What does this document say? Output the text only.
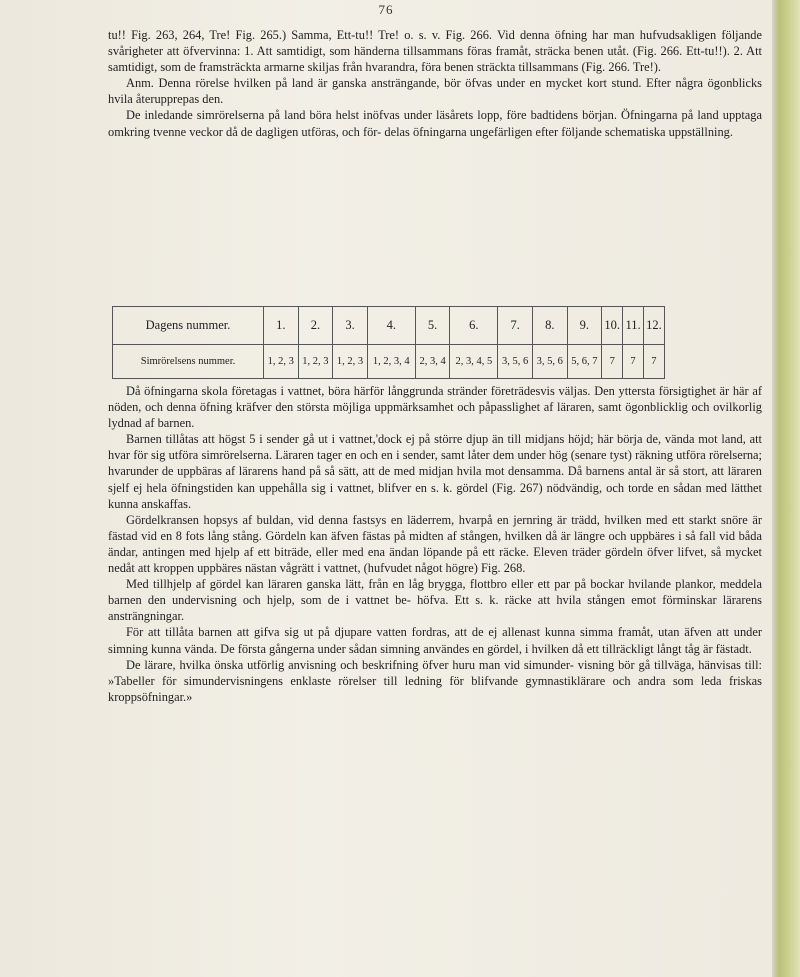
76

tu!! Fig. 263, 264, Tre! Fig. 265.) Samma, Ett-tu!! Tre! o. s. v. Fig. 266. Vid denna öfning har man hufvudsakligen följande svårigheter att öfvervinna: 1. Att samtidigt, som händerna tillsammans föras framåt, sträcka benen utåt. (Fig. 266. Ett-tu!!). 2. Att samtidigt, som de framsträckta armarne skiljas från hvarandra, föra benen sträckta tillsammans (Fig. 266. Tre!).

Anm. Denna rörelse hvilken på land är ganska ansträngande, bör öfvas under en mycket kort stund. Efter några ögonblicks hvila återupprepas den.

De inledande simrörelserna på land böra helst inöfvas under läsårets lopp, före badtidens början. Öfningarna på land upptaga omkring tvenne veckor då de dagligen utföras, och för- delas öfningarna ungefärligen efter följande schematiska uppställning.

Dagens nummer.	1.	2.	3.	4.	5.	6.	7.	8.	9.	10.	11.	12.
Simrörelsens nummer.	1, 2, 3	1, 2, 3	1, 2, 3	1, 2, 3, 4	2, 3, 4	2, 3, 4, 5	3, 5, 6	3, 5, 6	5, 6, 7	7	7	7

Då öfningarna skola företagas i vattnet, böra härför långgrunda stränder företrädesvis väljas. Den yttersta försigtighet är här af nöden, och denna öfning kräfver den största möjliga uppmärksamhet och påpasslighet af läraren, samt ögonblicklig och ovilkorlig lydnad af barnen.

Barnen tillåtas att högst 5 i sender gå ut i vattnet,'dock ej på större djup än till midjans höjd; här börja de, vända mot land, att hvar för sig utföra simrörelserna. Läraren tager en och en i sender, samt låter dem under hög (senare tyst) räkning utföra rörelserna; hvarunder de uppbäras af lärarens hand på så sätt, att de med midjan hvila mot densamma. Då barnens antal är så stort, att läraren sjelf ej hela öfningstiden kan uppehålla sig i vattnet, blifver en s. k. gördel (Fig. 267) nödvändig, och torde en sådan med lätthet kunna anskaffas.

Gördelkransen hopsys af buldan, vid denna fastsys en läderrem, hvarpå en jernring är trädd, hvilken med ett starkt snöre är fästad vid en 8 fots lång stång. Gördeln kan äfven fästas på midten af stången, hvilken då är längre och uppbäres i så fall vid båda ändar, antingen med hjelp af ett biträde, eller med ena ändan löpande på ett räcke. Eleven träder gördeln öfver lifvet, så mycket nedåt att kroppen uppbäres nästan vågrätt i vattnet, (hufvudet något högre) Fig. 268.

Med tillhjelp af gördel kan läraren ganska lätt, från en låg brygga, flottbro eller ett par på bockar hvilande plankor, meddela barnen den undervisning och hjelp, som de i vattnet be- höfva. Ett s. k. räcke att hvila stången emot förminskar lärarens ansträngningar.

För att tillåta barnen att gifva sig ut på djupare vatten fordras, att de ej allenast kunna simma framåt, utan äfven att under simning kunna vända. De första gångerna under sådan simning användes en gördel, i hvilken då ett tillräckligt långt tåg är fästadt.

De lärare, hvilka önska utförlig anvisning och beskrifning öfver huru man vid simunder- visning bör gå tillväga, hänvisas till: »Tabeller för simundervisningens enklaste rörelser till ledning för blifvande gymnastiklärare och andra som leda friskas kroppsöfningar.»
